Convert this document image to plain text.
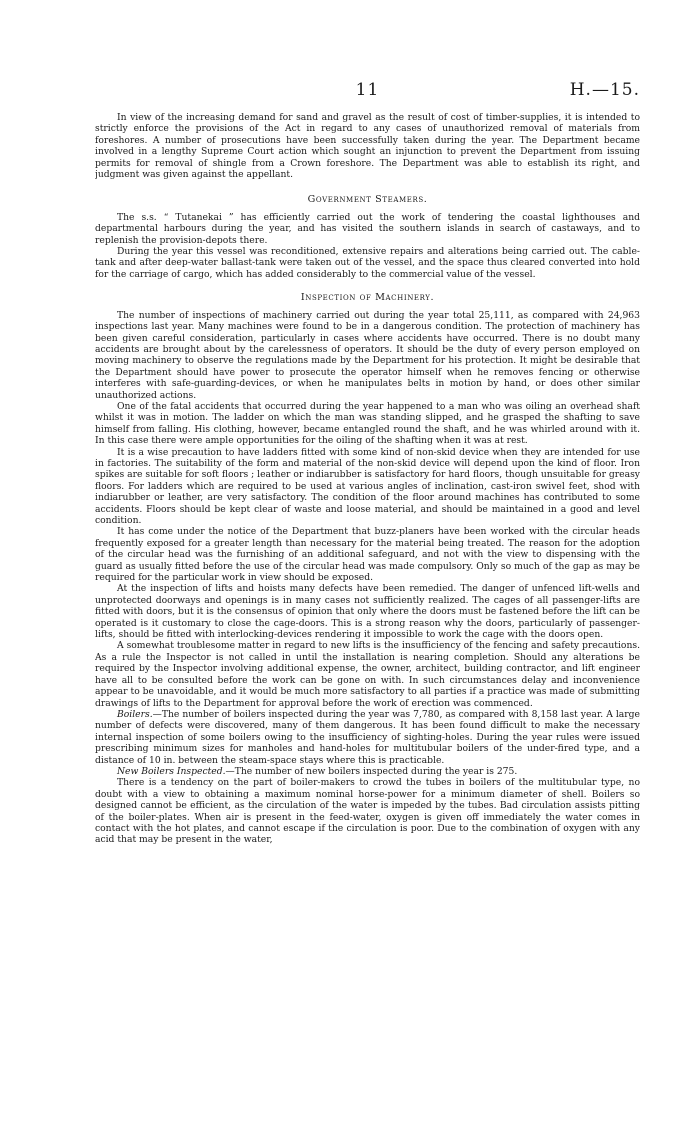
11	H.—15.

In view of the increasing demand for sand and gravel as the result of cost of timber-supplies, it is intended to strictly enforce the provisions of the Act in regard to any cases of unauthorized removal of materials from foreshores. A number of prosecutions have been successfully taken during the year. The Department became involved in a lengthy Supreme Court action which sought an injunction to prevent the Department from issuing permits for removal of shingle from a Crown foreshore. The Department was able to establish its right, and judgment was given against the appellant.

Government Steamers.

The s.s. “ Tutanekai ” has efficiently carried out the work of tendering the coastal lighthouses and departmental harbours during the year, and has visited the southern islands in search of castaways, and to replenish the provision-depots there.

During the year this vessel was reconditioned, extensive repairs and alterations being carried out. The cable-tank and after deep-water ballast-tank were taken out of the vessel, and the space thus cleared converted into hold for the carriage of cargo, which has added considerably to the commercial value of the vessel.

Inspection of Machinery.

The number of inspections of machinery carried out during the year total 25,111, as compared with 24,963 inspections last year. Many machines were found to be in a dangerous condition. The protection of machinery has been given careful consideration, particularly in cases where accidents have occurred. There is no doubt many accidents are brought about by the carelessness of operators. It should be the duty of every person employed on moving machinery to observe the regulations made by the Department for his protection. It might be desirable that the Department should have power to prosecute the operator himself when he removes fencing or otherwise interferes with safe-guarding-devices, or when he manipulates belts in motion by hand, or does other similar unauthorized actions.

One of the fatal accidents that occurred during the year happened to a man who was oiling an overhead shaft whilst it was in motion. The ladder on which the man was standing slipped, and he grasped the shafting to save himself from falling. His clothing, however, became entangled round the shaft, and he was whirled around with it. In this case there were ample opportunities for the oiling of the shafting when it was at rest.

It is a wise precaution to have ladders fitted with some kind of non-skid device when they are intended for use in factories. The suitability of the form and material of the non-skid device will depend upon the kind of floor. Iron spikes are suitable for soft floors ; leather or indiarubber is satisfactory for hard floors, though unsuitable for greasy floors. For ladders which are required to be used at various angles of inclination, cast-iron swivel feet, shod with indiarubber or leather, are very satisfactory. The condition of the floor around machines has contributed to some accidents. Floors should be kept clear of waste and loose material, and should be maintained in a good and level condition.

It has come under the notice of the Department that buzz-planers have been worked with the circular heads frequently exposed for a greater length than necessary for the material being treated. The reason for the adoption of the circular head was the furnishing of an additional safeguard, and not with the view to dispensing with the guard as usually fitted before the use of the circular head was made compulsory. Only so much of the gap as may be required for the particular work in view should be exposed.

At the inspection of lifts and hoists many defects have been remedied. The danger of unfenced lift-wells and unprotected doorways and openings is in many cases not sufficiently realized. The cages of all passenger-lifts are fitted with doors, but it is the consensus of opinion that only where the doors must be fastened before the lift can be operated is it customary to close the cage-doors. This is a strong reason why the doors, particularly of passenger-lifts, should be fitted with interlocking-devices rendering it impossible to work the cage with the doors open.

A somewhat troublesome matter in regard to new lifts is the insufficiency of the fencing and safety precautions. As a rule the Inspector is not called in until the installation is nearing completion. Should any alterations be required by the Inspector involving additional expense, the owner, architect, building contractor, and lift engineer have all to be consulted before the work can be gone on with. In such circumstances delay and inconvenience appear to be unavoidable, and it would be much more satisfactory to all parties if a practice was made of submitting drawings of lifts to the Department for approval before the work of erection was commenced.

Boilers.—The number of boilers inspected during the year was 7,780, as compared with 8,158 last year. A large number of defects were discovered, many of them dangerous. It has been found difficult to make the necessary internal inspection of some boilers owing to the insufficiency of sighting-holes. During the year rules were issued prescribing minimum sizes for manholes and hand-holes for multitubular boilers of the under-fired type, and a distance of 10 in. between the steam-space stays where this is practicable.

New Boilers Inspected.—The number of new boilers inspected during the year is 275.

There is a tendency on the part of boiler-makers to crowd the tubes in boilers of the multitubular type, no doubt with a view to obtaining a maximum nominal horse-power for a minimum diameter of shell. Boilers so designed cannot be efficient, as the circulation of the water is impeded by the tubes. Bad circulation assists pitting of the boiler-plates. When air is present in the feed-water, oxygen is given off immediately the water comes in contact with the hot plates, and cannot escape if the circulation is poor. Due to the combination of oxygen with any acid that may be present in the water,
